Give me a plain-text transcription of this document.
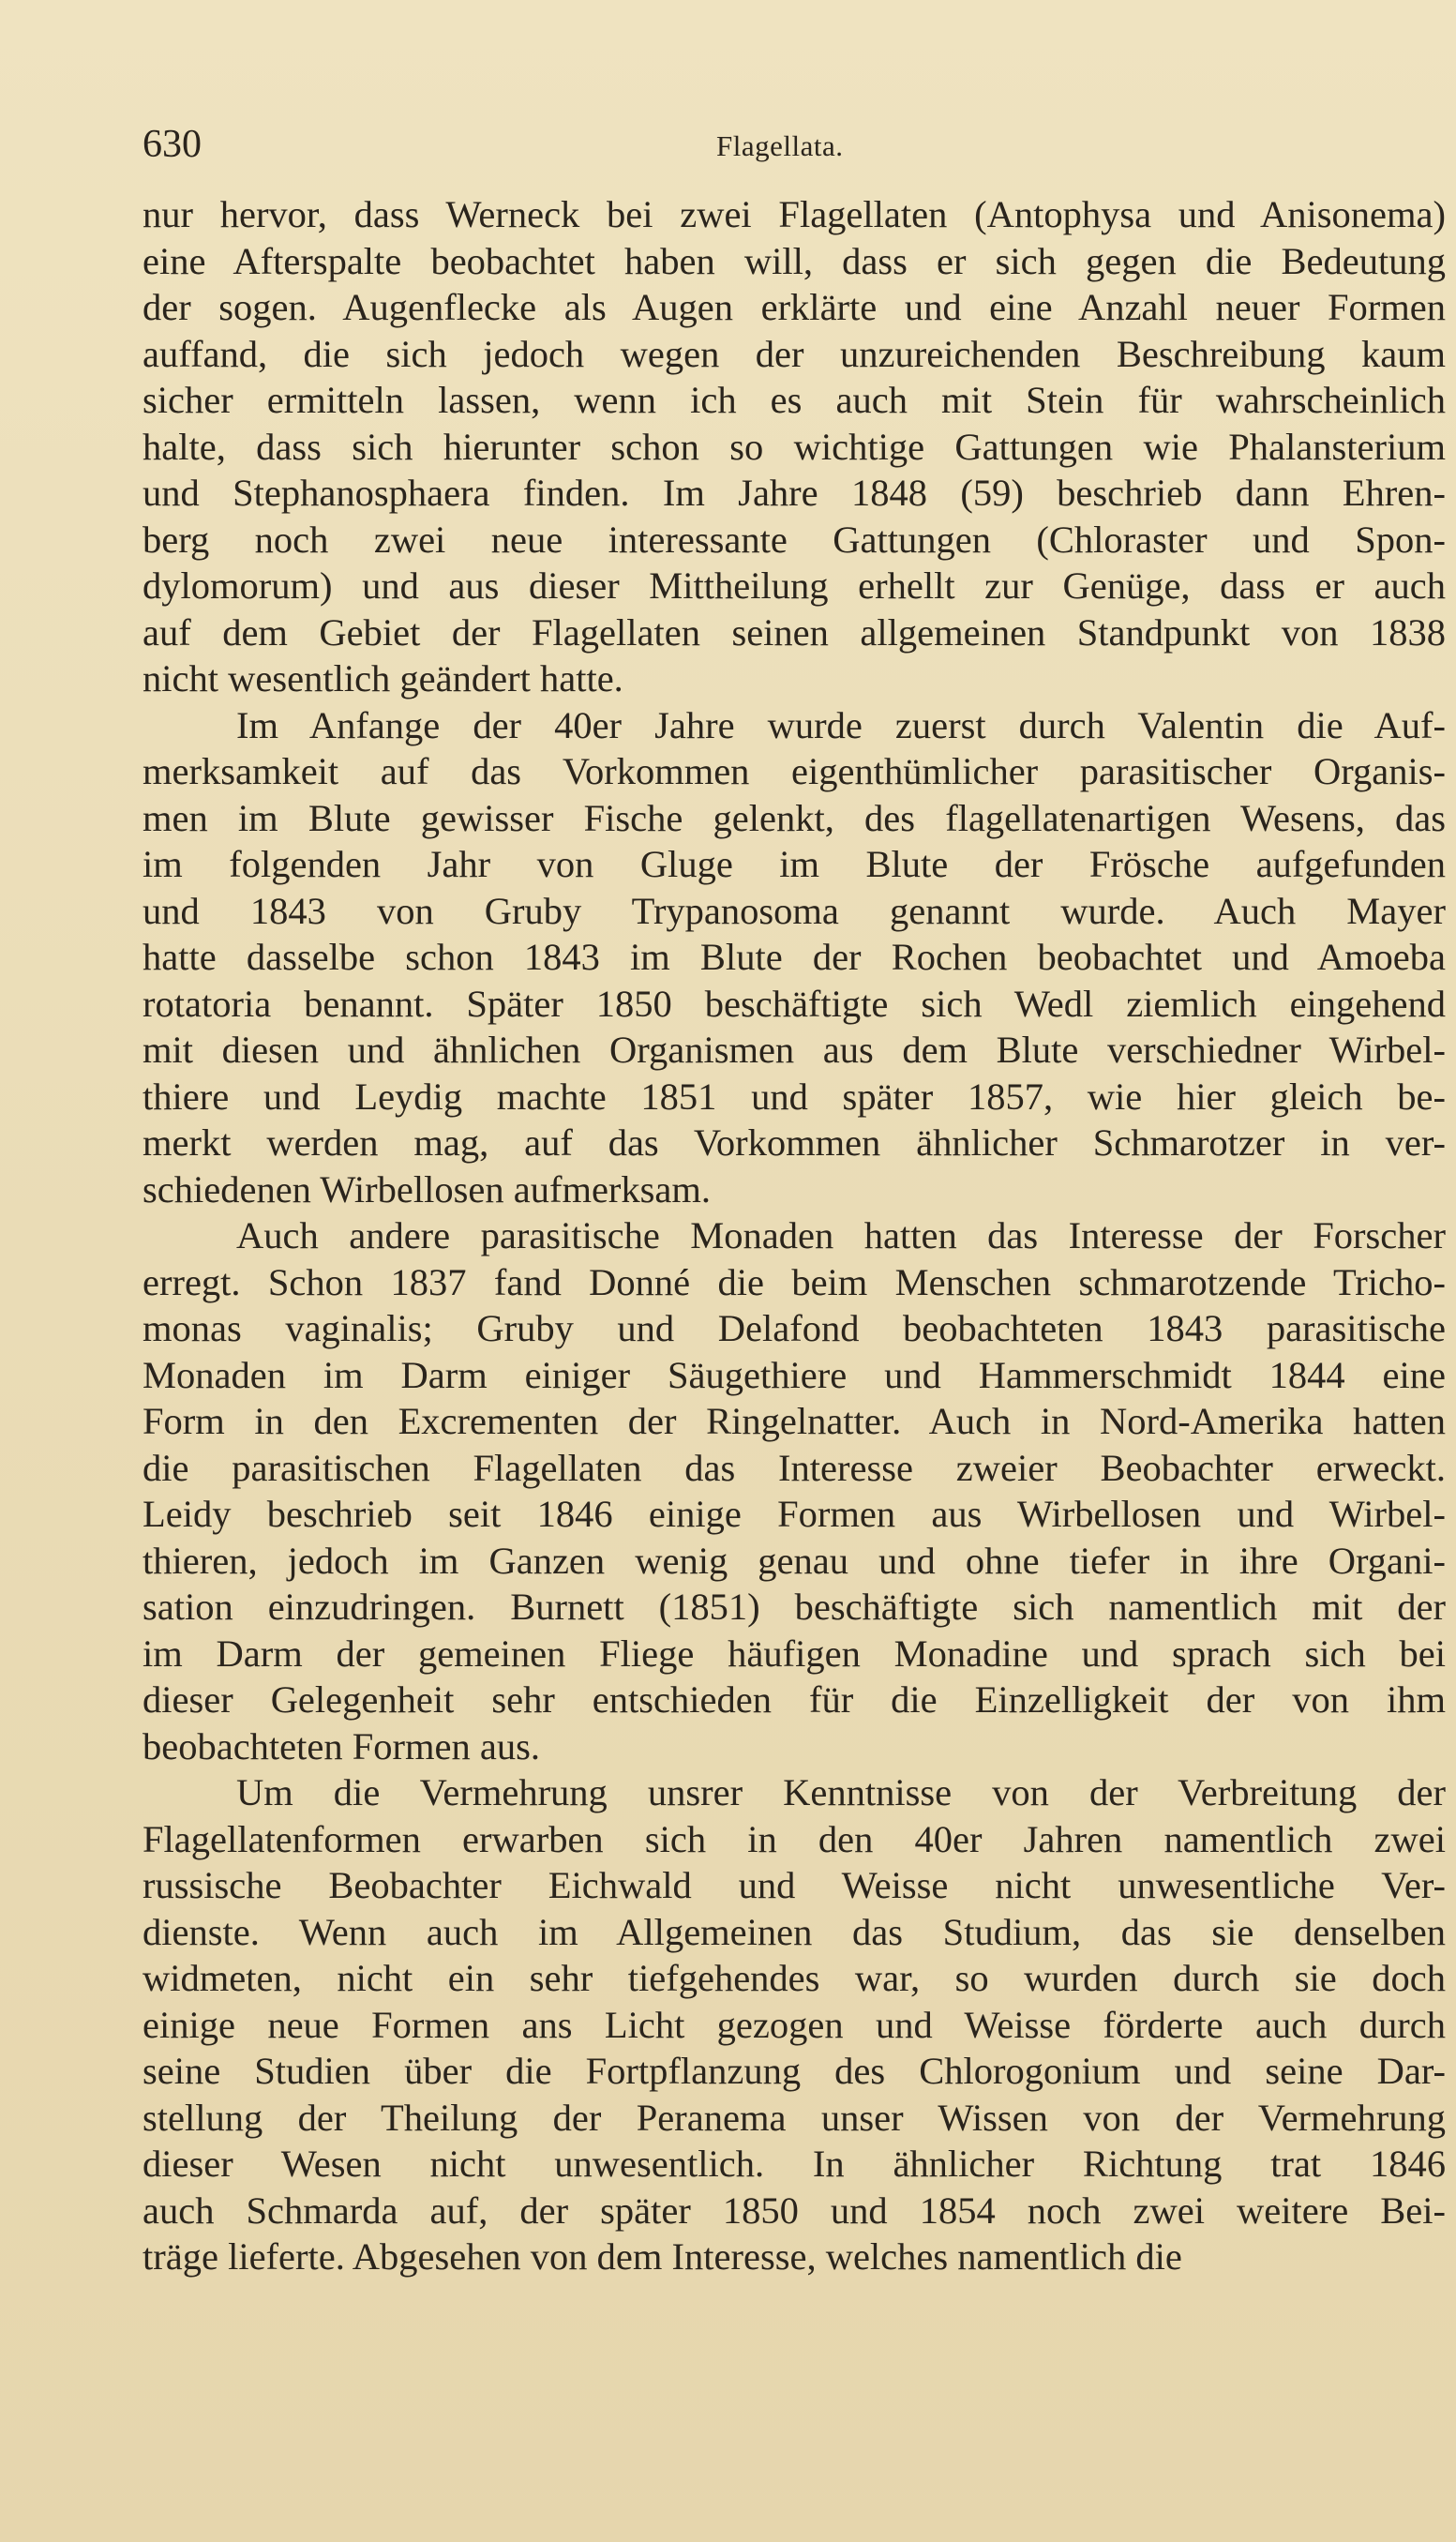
630	Flagellata.
nur hervor, dass Werneck bei zwei Flagellaten (Antophysa und Anisonema)
eine Afterspalte beobachtet haben will, dass er sich gegen die Bedeutung
der sogen. Augenflecke als Augen erklärte und eine Anzahl neuer Formen
auffand, die sich jedoch wegen der unzureichenden Beschreibung kaum
sicher ermitteln lassen, wenn ich es auch mit Stein für wahrscheinlich
halte, dass sich hierunter schon so wichtige Gattungen wie Phalansterium
und Stephanosphaera finden. Im Jahre 1848 (59) beschrieb dann Ehren-
berg noch zwei neue interessante Gattungen (Chloraster und Spon-
dylomorum) und aus dieser Mittheilung erhellt zur Genüge, dass er auch
auf dem Gebiet der Flagellaten seinen allgemeinen Standpunkt von 1838
nicht wesentlich geändert hatte.
Im Anfange der 40er Jahre wurde zuerst durch Valentin die Auf-
merksamkeit auf das Vorkommen eigenthümlicher parasitischer Organis-
men im Blute gewisser Fische gelenkt, des flagellatenartigen Wesens, das
im folgenden Jahr von Gluge im Blute der Frösche aufgefunden
und 1843 von Gruby Trypanosoma genannt wurde. Auch Mayer
hatte dasselbe schon 1843 im Blute der Rochen beobachtet und Amoeba
rotatoria benannt. Später 1850 beschäftigte sich Wedl ziemlich eingehend
mit diesen und ähnlichen Organismen aus dem Blute verschiedner Wirbel-
thiere und Leydig machte 1851 und später 1857, wie hier gleich be-
merkt werden mag, auf das Vorkommen ähnlicher Schmarotzer in ver-
schiedenen Wirbellosen aufmerksam.
Auch andere parasitische Monaden hatten das Interesse der Forscher
erregt. Schon 1837 fand Donné die beim Menschen schmarotzende Tricho-
monas vaginalis; Gruby und Delafond beobachteten 1843 parasitische
Monaden im Darm einiger Säugethiere und Hammerschmidt 1844 eine
Form in den Excrementen der Ringelnatter. Auch in Nord-Amerika hatten
die parasitischen Flagellaten das Interesse zweier Beobachter erweckt.
Leidy beschrieb seit 1846 einige Formen aus Wirbellosen und Wirbel-
thieren, jedoch im Ganzen wenig genau und ohne tiefer in ihre Organi-
sation einzudringen. Burnett (1851) beschäftigte sich namentlich mit der
im Darm der gemeinen Fliege häufigen Monadine und sprach sich bei
dieser Gelegenheit sehr entschieden für die Einzelligkeit der von ihm
beobachteten Formen aus.
Um die Vermehrung unsrer Kenntnisse von der Verbreitung der
Flagellatenformen erwarben sich in den 40er Jahren namentlich zwei
russische Beobachter Eichwald und Weisse nicht unwesentliche Ver-
dienste. Wenn auch im Allgemeinen das Studium, das sie denselben
widmeten, nicht ein sehr tiefgehendes war, so wurden durch sie doch
einige neue Formen ans Licht gezogen und Weisse förderte auch durch
seine Studien über die Fortpflanzung des Chlorogonium und seine Dar-
stellung der Theilung der Peranema unser Wissen von der Vermehrung
dieser Wesen nicht unwesentlich. In ähnlicher Richtung trat 1846
auch Schmarda auf, der später 1850 und 1854 noch zwei weitere Bei-
träge lieferte. Abgesehen von dem Interesse, welches namentlich die
